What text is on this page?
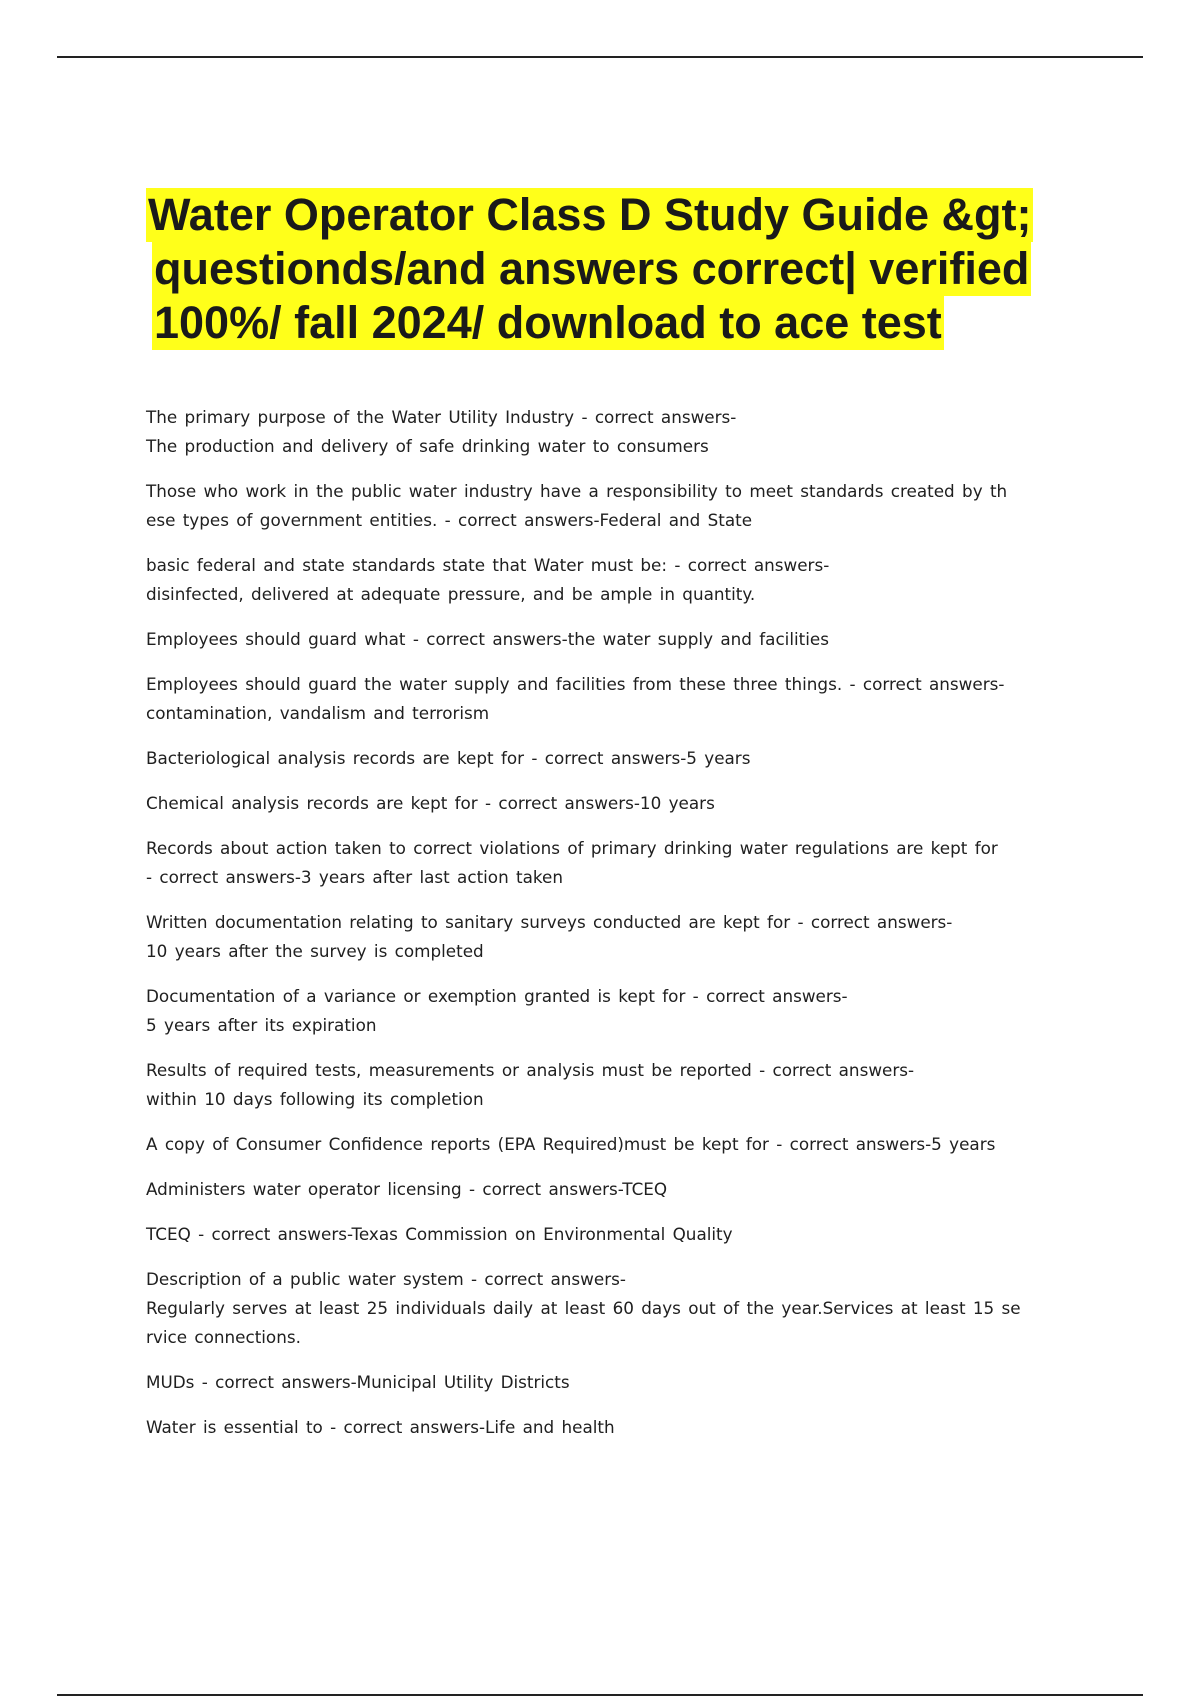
Water Operator Class D Study Guide &gt;
questionds/and answers correct| verified
100%/ fall 2024/ download to ace test
The primary purpose of the Water Utility Industry - correct answers-
The production and delivery of safe drinking water to consumers
Those who work in the public water industry have a responsibility to meet standards created by th
ese types of government entities. - correct answers-Federal and State
basic federal and state standards state that Water must be: - correct answers-
disinfected, delivered at adequate pressure, and be ample in quantity.
Employees should guard what - correct answers-the water supply and facilities
Employees should guard the water supply and facilities from these three things. - correct answers-
contamination, vandalism and terrorism
Bacteriological analysis records are kept for - correct answers-5 years
Chemical analysis records are kept for - correct answers-10 years
Records about action taken to correct violations of primary drinking water regulations are kept for
- correct answers-3 years after last action taken
Written documentation relating to sanitary surveys conducted are kept for - correct answers-
10 years after the survey is completed
Documentation of a variance or exemption granted is kept for - correct answers-
5 years after its expiration
Results of required tests, measurements or analysis must be reported - correct answers-
within 10 days following its completion
A copy of Consumer Confidence reports (EPA Required)must be kept for - correct answers-5 years
Administers water operator licensing - correct answers-TCEQ
TCEQ - correct answers-Texas Commission on Environmental Quality
Description of a public water system - correct answers-
Regularly serves at least 25 individuals daily at least 60 days out of the year.Services at least 15 se
rvice connections.
MUDs - correct answers-Municipal Utility Districts
Water is essential to - correct answers-Life and health
